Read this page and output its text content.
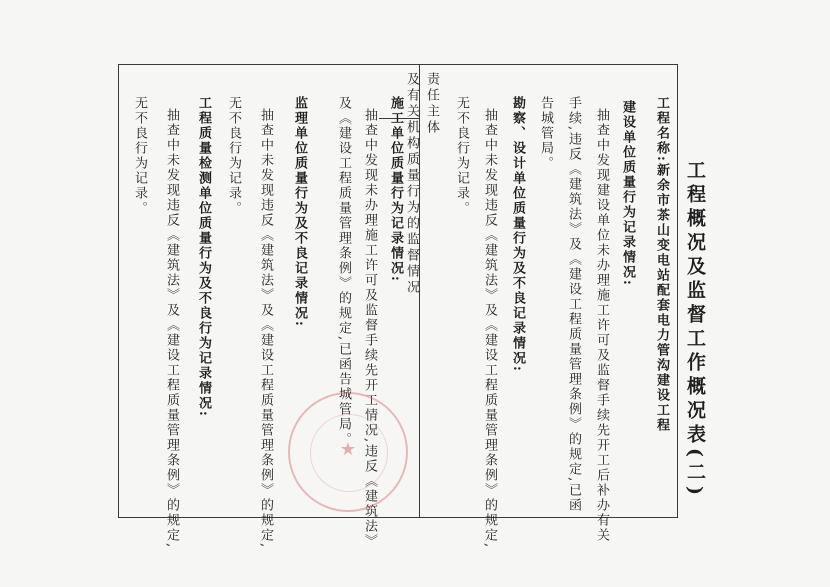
工程概况及监督工作概况表(二)
工程名称:新余市茶山变电站配套电力管沟建设工程
建设单位质量行为记录情况:
抽查中发现建设单位未办理施工许可及监督手续先开工后补办有关
手续,违反《建筑法》及《建设工程质量管理条例》的规定,已函
告城管局。
勘察、设计单位质量行为及不良记录情况:
抽查中未发现违反《建筑法》及《建设工程质量管理条例》的规定,
无不良行为记录。
责任主体
及有关机构质量行为的监督情况
施工单位质量行为记录情况:
抽查中发现未办理施工许可及监督手续先开工情况,违反《建筑法》
及《建设工程质量管理条例》的规定,已函告城管局。
监理单位质量行为及不良记录情况:
抽查中未发现违反《建筑法》及《建设工程质量管理条例》的规定,
无不良行为记录。
工程质量检测单位质量行为及不良行为记录情况:
抽查中未发现违反《建筑法》及《建设工程质量管理条例》的规定,
无不良行为记录。
★
